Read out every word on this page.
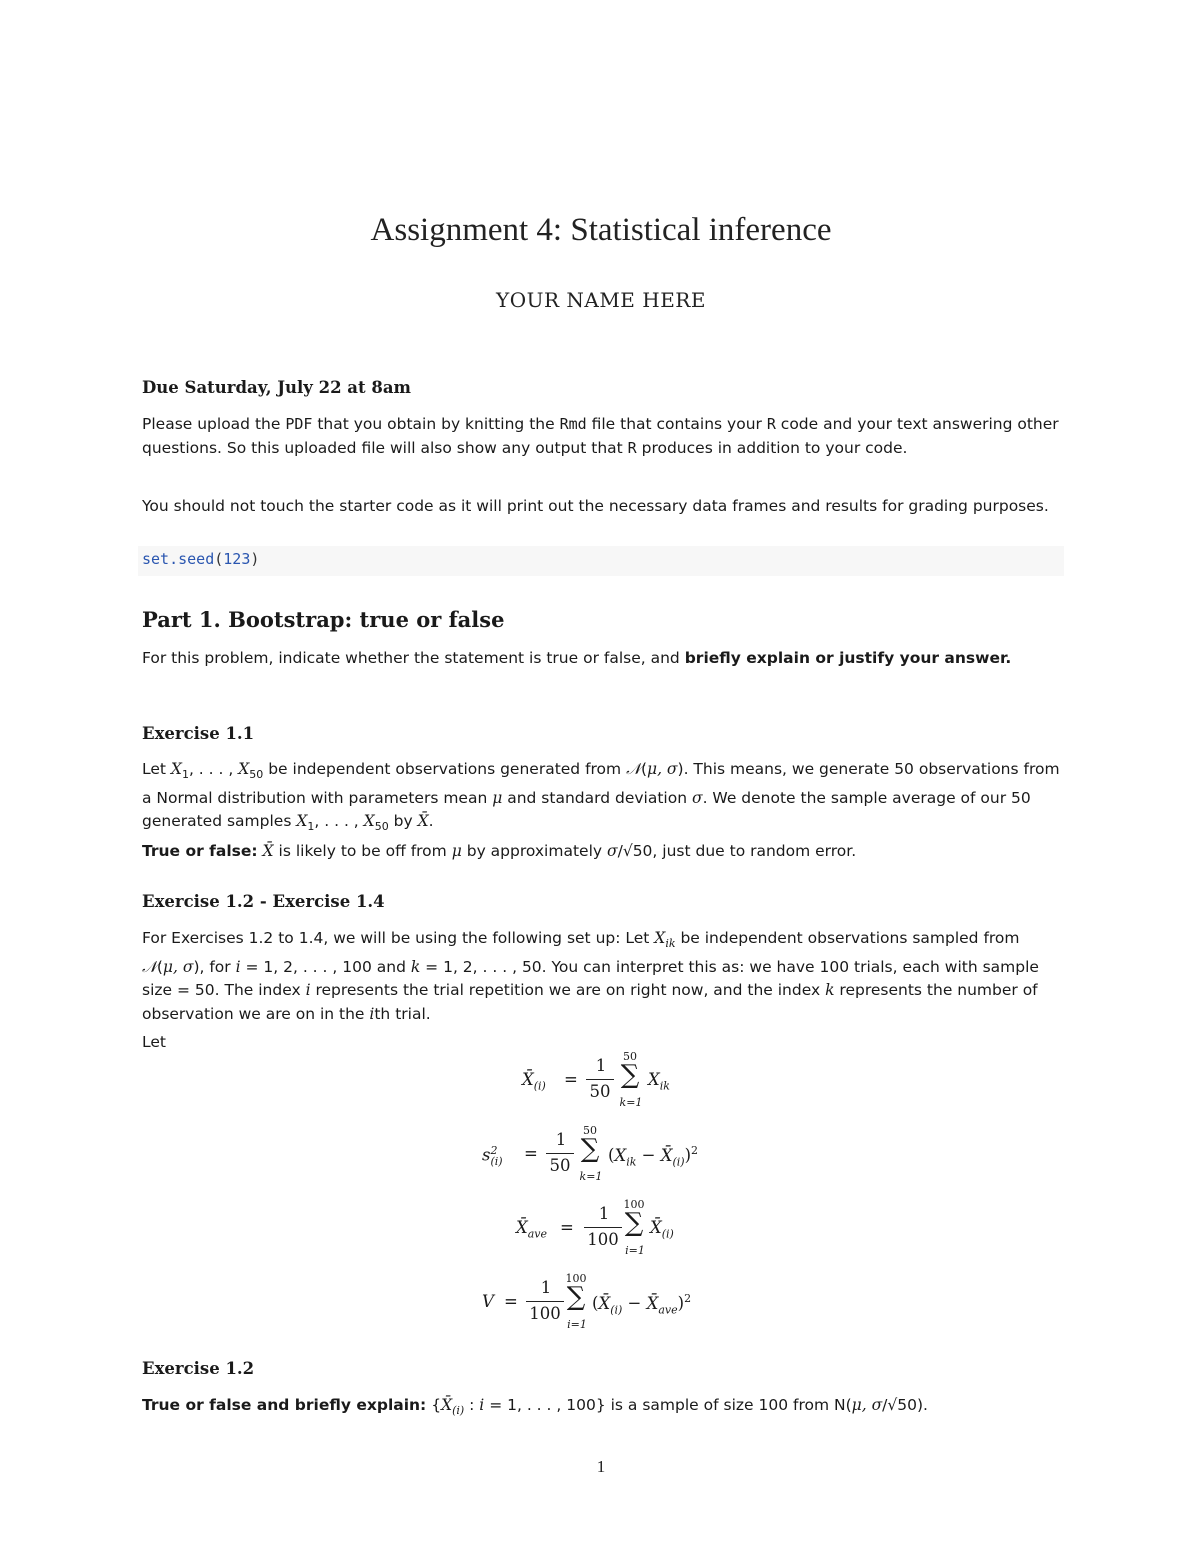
Assignment 4: Statistical inference
YOUR NAME HERE
Due Saturday, July 22 at 8am
Please upload the PDF that you obtain by knitting the Rmd file that contains your R code and your text answering other questions. So this uploaded file will also show any output that R produces in addition to your code.
You should not touch the starter code as it will print out the necessary data frames and results for grading purposes.
set.seed(123)
Part 1. Bootstrap: true or false
For this problem, indicate whether the statement is true or false, and briefly explain or justify your answer.
Exercise 1.1
Let $X_1$, . . . , $X_{50}$ be independent observations generated from 𝒩(μ, σ). This means, we generate 50 observations from a Normal distribution with parameters mean μ and standard deviation σ. We denote the sample average of our 50 generated samples $X_1$, . . . , $X_{50}$ by X̄.
True or false: X̄ is likely to be off from μ by approximately σ/√50, just due to random error.
Exercise 1.2 - Exercise 1.4
For Exercises 1.2 to 1.4, we will be using the following set up: Let $X_{ik}$ be independent observations sampled from 𝒩(μ, σ), for i = 1, 2, . . . , 100 and k = 1, 2, . . . , 50. You can interpret this as: we have 100 trials, each with sample size = 50. The index i represents the trial repetition we are on right now, and the index k represents the number of observation we are on in the ith trial.
Let
$X̄_{(i)}$ =
1
50
50
∑
k=1
$X_{ik}$
$s^2_{(i)}$ =
1
50
50
∑
k=1
($X_{ik}$ − $X̄_{(i)})^2$
$X̄_{ave}$ =
1
100
100
∑
i=1
$X̄_{(i)}$
V =
1
100
100
∑
i=1
($X̄_{(i)}$ − $X̄_{ave})^2$
Exercise 1.2
True or false and briefly explain: {$X̄_{(i)}$ : i = 1, . . . , 100} is a sample of size 100 from N(μ, σ/√50).
1
